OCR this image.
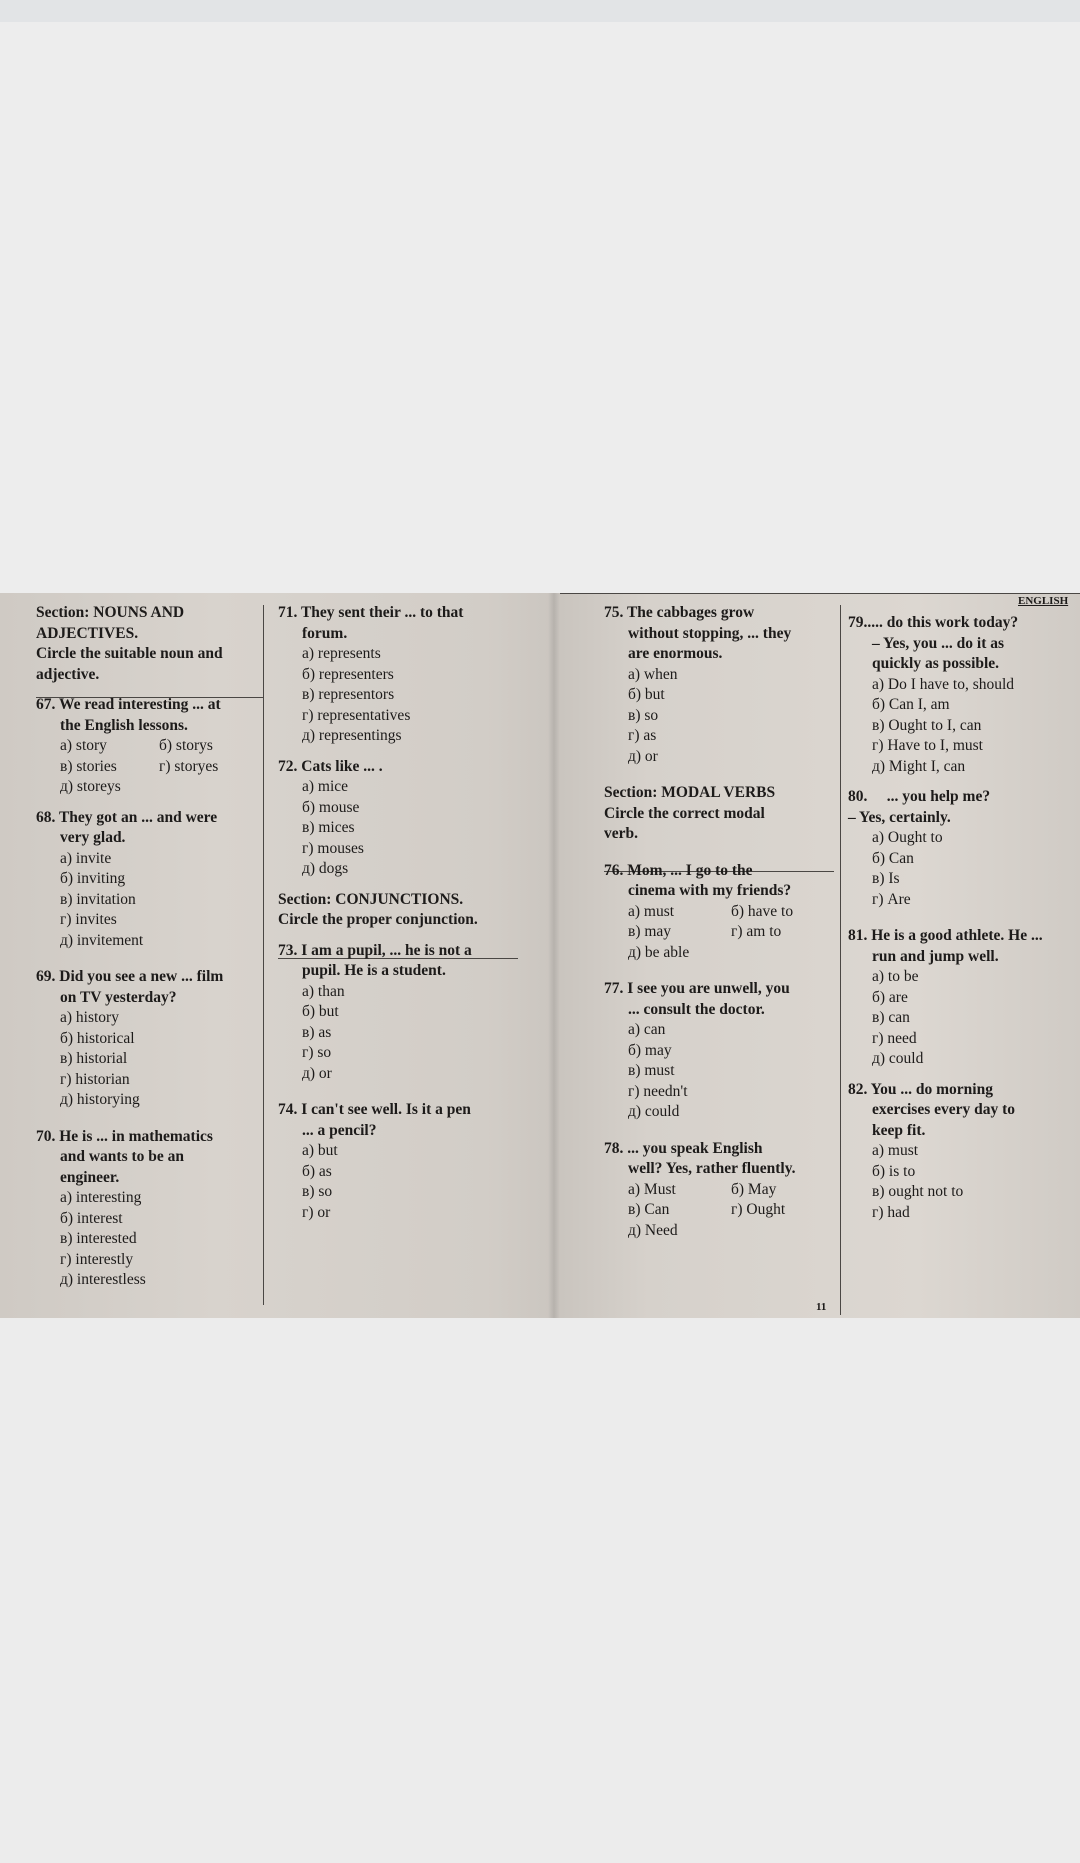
ENGLISH
Section: NOUNS AND
ADJECTIVES.
Circle the suitable noun and
adjective.
67. We read interesting ... at
the English lessons.
а) story	б) storys
в) stories	г) storyes
д) storeys
68. They got an ... and were
very glad.
а) invite
б) inviting
в) invitation
г) invites
д) invitement
69. Did you see a new ... film
on TV yesterday?
а) history
б) historical
в) historial
г) historian
д) historying
70. He is ... in mathematics
and wants to be an
engineer.
а) interesting
б) interest
в) interested
г) interestly
д) interestless
71. They sent their ... to that
forum.
а) represents
б) representers
в) representors
г) representatives
д) representings
72. Cats like ... .
а) mice
б) mouse
в) mices
г) mouses
д) dogs
Section: CONJUNCTIONS.
Circle the proper conjunction.
73. I am a pupil, ... he is not a
pupil. He is a student.
а) than
б) but
в) as
г) so
д) or
74. I can't see well. Is it a pen
... a pencil?
а) but
б) as
в) so
г) or
75. The cabbages grow
without stopping, ... they
are enormous.
а) when
б) but
в) so
г) as
д) or
Section: MODAL VERBS
Circle the correct modal
verb.
76. Mom, ... I go to the
cinema with my friends?
а) must	б) have to
в) may	г) am to
д) be able
77. I see you are unwell, you
... consult the doctor.
а) can
б) may
в) must
г) needn't
д) could
78. ... you speak English
well? Yes, rather fluently.
а) Must	б) May
в) Can	г) Ought
д) Need
79..... do this work today?
– Yes, you ... do it as
quickly as possible.
а) Do I have to, should
б) Can I, am
в) Ought to I, can
г) Have to I, must
д) Might I, can
80.     ... you help me?
– Yes, certainly.
а) Ought to
б) Can
в) Is
г) Are
81. He is a good athlete. He ...
run and jump well.
а) to be
б) are
в) can
г) need
д) could
82. You ... do morning
exercises every day to
keep fit.
а) must
б) is to
в) ought not to
г) had
11
